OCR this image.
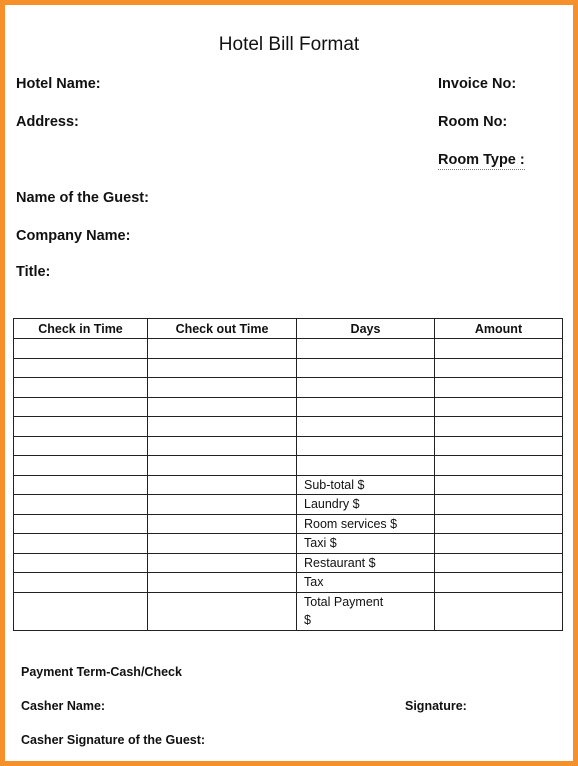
Hotel Bill Format
Hotel Name:
Address:
Name of the Guest:
Company Name:
Title:
Invoice No:
Room No:
Room Type :
Check in Time	Check out Time	Days	Amount

		Sub-total $	
		Laundry $	
		Room services $	
		Taxi $	
		Restaurant $	
		Tax	
		Total Payment
$	
Payment Term-Cash/Check
Casher Name:	Signature:
Casher Signature of the Guest:
